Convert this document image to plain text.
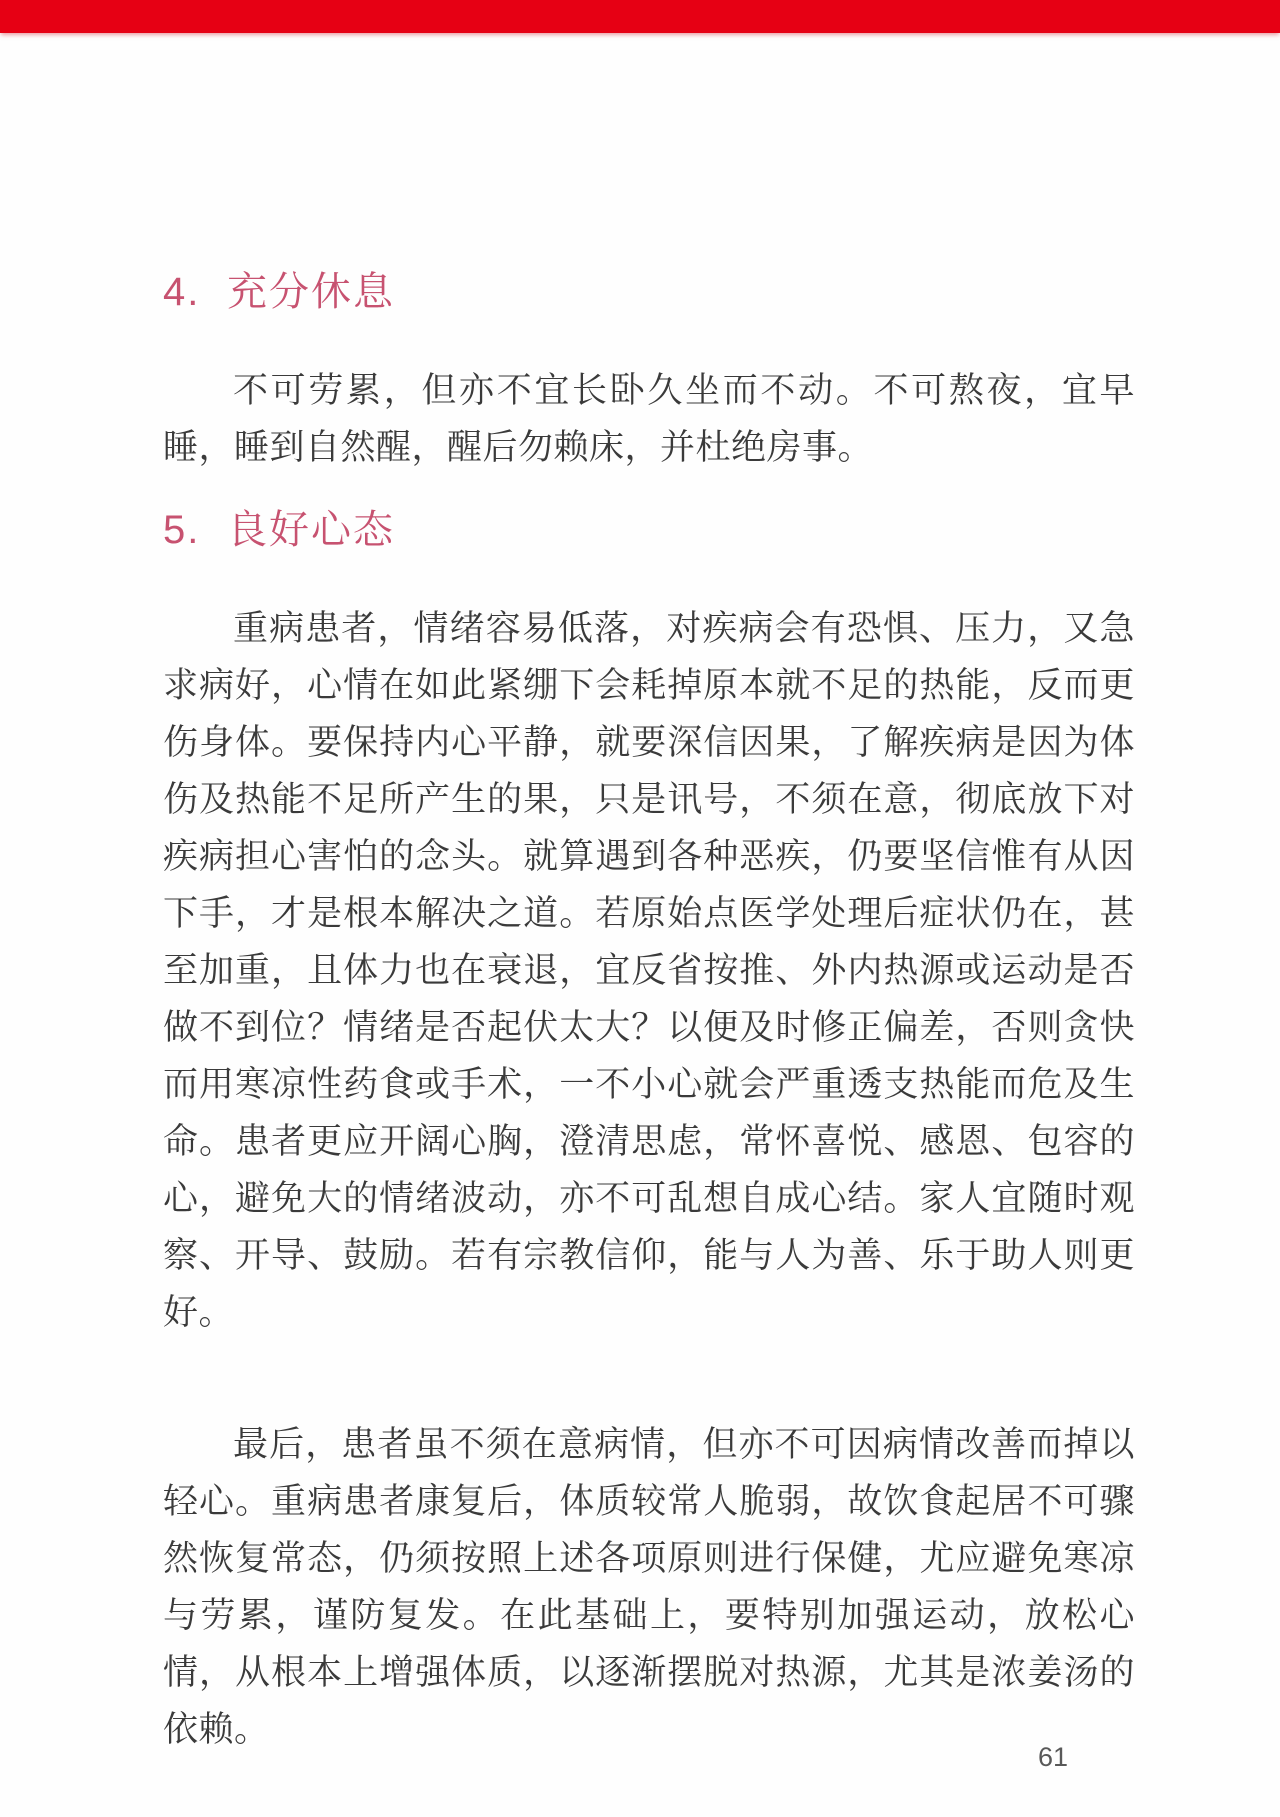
4. 充分休息

不可劳累，但亦不宜长卧久坐而不动。不可熬夜，宜早睡，睡到自然醒，醒后勿赖床，并杜绝房事。

5. 良好心态

重病患者，情绪容易低落，对疾病会有恐惧、压力，又急求病好，心情在如此紧绷下会耗掉原本就不足的热能，反而更伤身体。要保持内心平静，就要深信因果，了解疾病是因为体伤及热能不足所产生的果，只是讯号，不须在意，彻底放下对疾病担心害怕的念头。就算遇到各种恶疾，仍要坚信惟有从因下手，才是根本解决之道。若原始点医学处理后症状仍在，甚至加重，且体力也在衰退，宜反省按推、外内热源或运动是否做不到位？情绪是否起伏太大？以便及时修正偏差，否则贪快而用寒凉性药食或手术，一不小心就会严重透支热能而危及生命。患者更应开阔心胸，澄清思虑，常怀喜悦、感恩、包容的心，避免大的情绪波动，亦不可乱想自成心结。家人宜随时观察、开导、鼓励。若有宗教信仰，能与人为善、乐于助人则更好。

最后，患者虽不须在意病情，但亦不可因病情改善而掉以轻心。重病患者康复后，体质较常人脆弱，故饮食起居不可骤然恢复常态，仍须按照上述各项原则进行保健，尤应避免寒凉与劳累，谨防复发。在此基础上，要特别加强运动，放松心情，从根本上增强体质，以逐渐摆脱对热源，尤其是浓姜汤的依赖。

61
